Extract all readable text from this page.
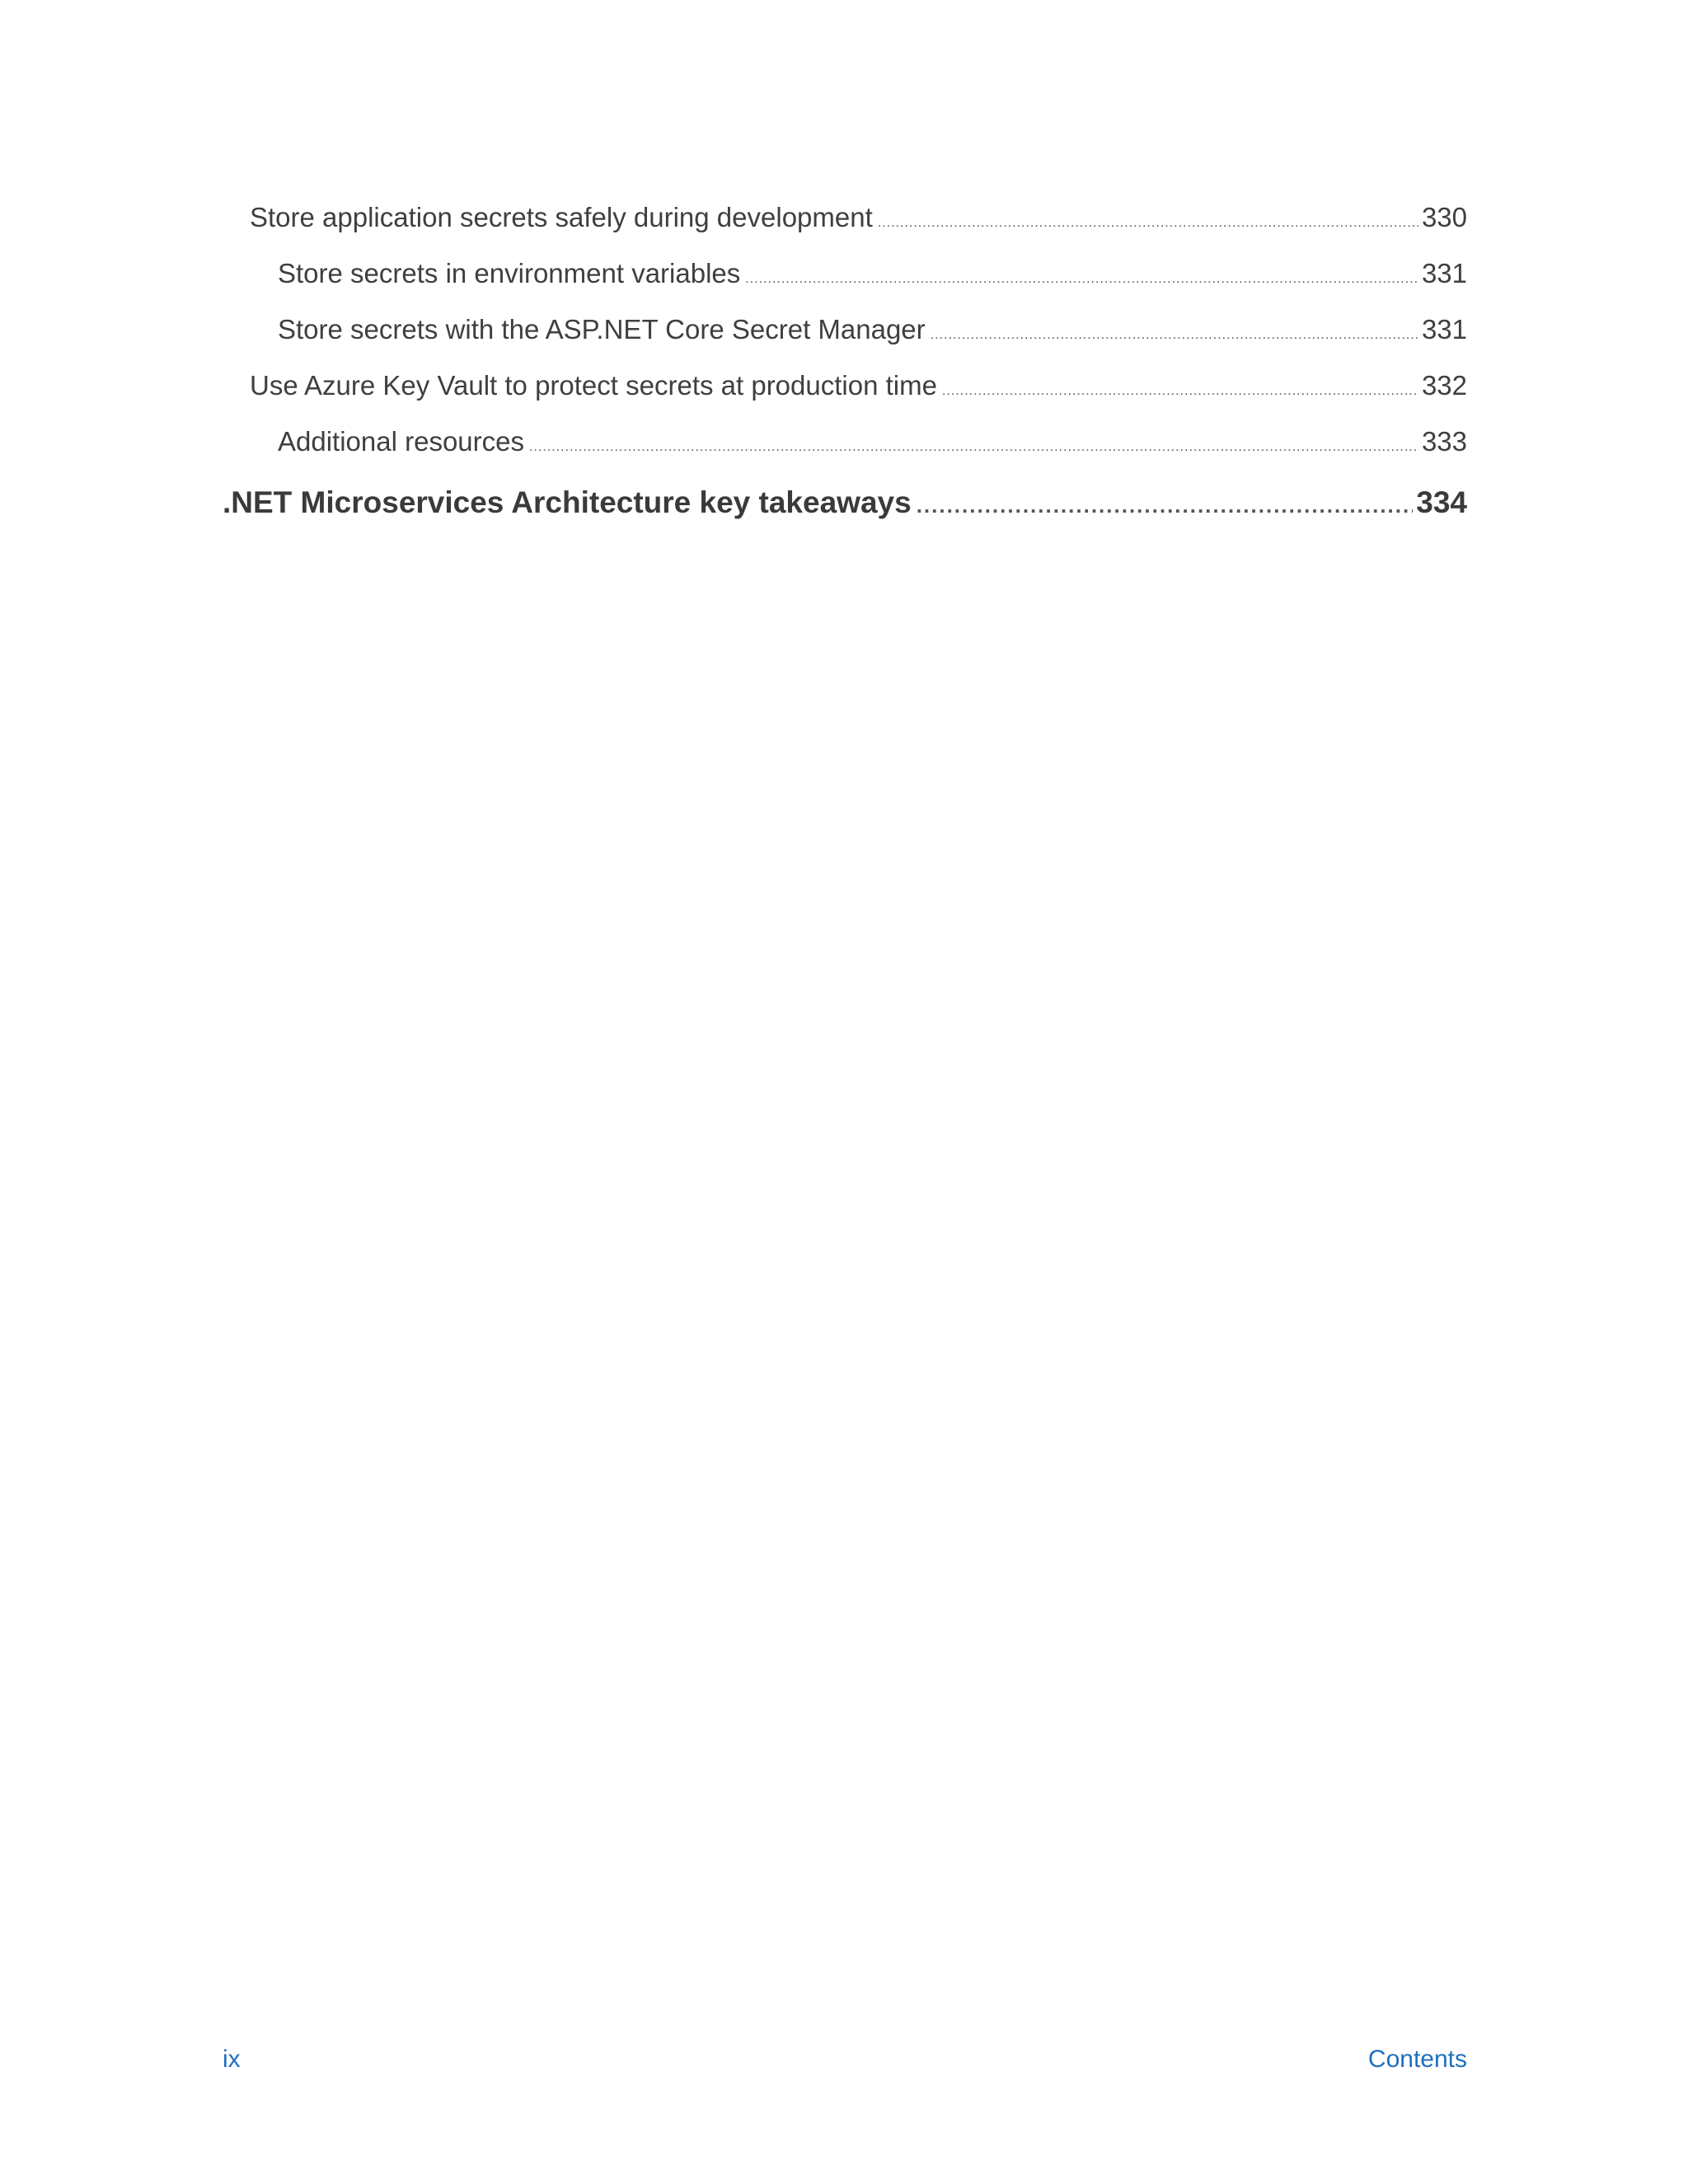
Store application secrets safely during development .....	330
Store secrets in environment variables .....	331
Store secrets with the ASP.NET Core Secret Manager .....	331
Use Azure Key Vault to protect secrets at production time .....	332
Additional resources .....	333
.NET Microservices Architecture key takeaways .....	334
ix	Contents
